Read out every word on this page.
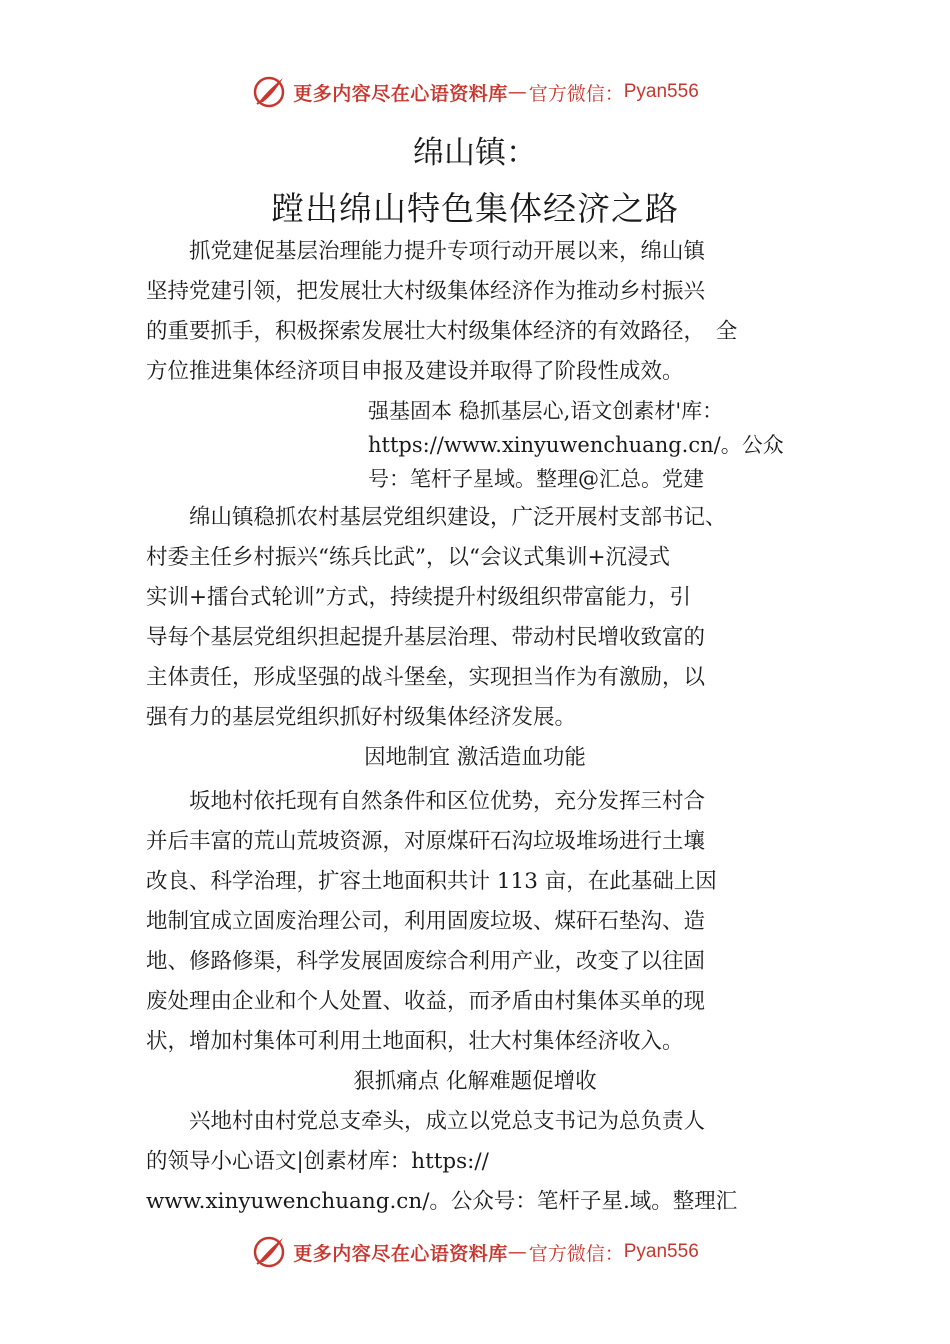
更多内容尽在心语资料库 — 官方微信： Pyan556
绵山镇：
蹚出绵山特色集体经济之路
　　抓党建促基层治理能力提升专项行动开展以来，绵山镇
坚持党建引领，把发展壮大村级集体经济作为推动乡村振兴
的重要抓手，积极探索发展壮大村级集体经济的有效路径，　全
方位推进集体经济项目申报及建设并取得了阶段性成效。
强基固本 稳抓基层心,语文创素材'库：
https://www.xinyuwenchuang.cn/。公众
号：笔杆子星域。整理@汇总。党建
　　绵山镇稳抓农村基层党组织建设，广泛开展村支部书记、
村委主任乡村振兴“练兵比武”，以“会议式集训+沉浸式
实训+擂台式轮训”方式，持续提升村级组织带富能力，引
导每个基层党组织担起提升基层治理、带动村民增收致富的
主体责任，形成坚强的战斗堡垒，实现担当作为有激励，以
强有力的基层党组织抓好村级集体经济发展。
因地制宜 激活造血功能
　　坂地村依托现有自然条件和区位优势，充分发挥三村合
并后丰富的荒山荒坡资源，对原煤矸石沟垃圾堆场进行土壤
改良、科学治理，扩容土地面积共计 113 亩，在此基础上因
地制宜成立固废治理公司，利用固废垃圾、煤矸石垫沟、造
地、修路修渠，科学发展固废综合利用产业，改变了以往固
废处理由企业和个人处置、收益，而矛盾由村集体买单的现
状，增加村集体可利用土地面积，壮大村集体经济收入。
狠抓痛点 化解难题促增收
　　兴地村由村党总支牵头，成立以党总支书记为总负责人
的领导小心语文|创素材库：https://
www.xinyuwenchuang.cn/。公众号：笔杆子星.域。整理汇
更多内容尽在心语资料库 — 官方微信： Pyan556
